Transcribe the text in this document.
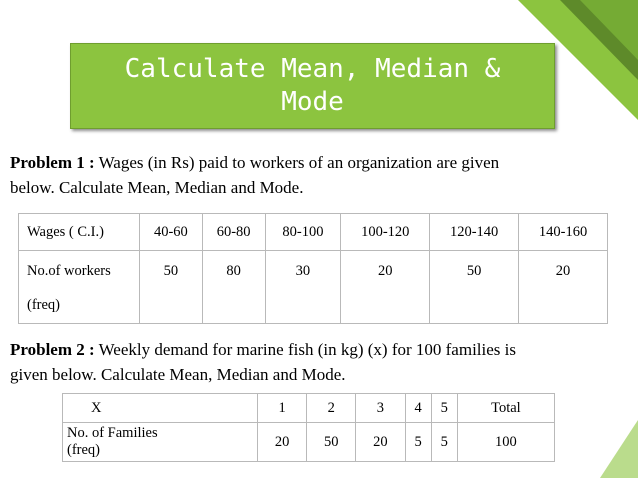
Calculate Mean, Median &
Mode
Problem 1 : Wages (in Rs) paid to workers of an organization are given
below. Calculate Mean, Median and Mode.
Wages ( C.I.)	40-60	60-80	80-100	100-120	120-140	140-160
No.of workers

(freq)	50	80	30	20	50	20
Problem 2 : Weekly demand for marine fish (in kg) (x) for 100 families is
given below. Calculate Mean, Median and Mode.
X	1	2	3	4	5	Total
No. of Families
(freq)	20	50	20	5	5	100
